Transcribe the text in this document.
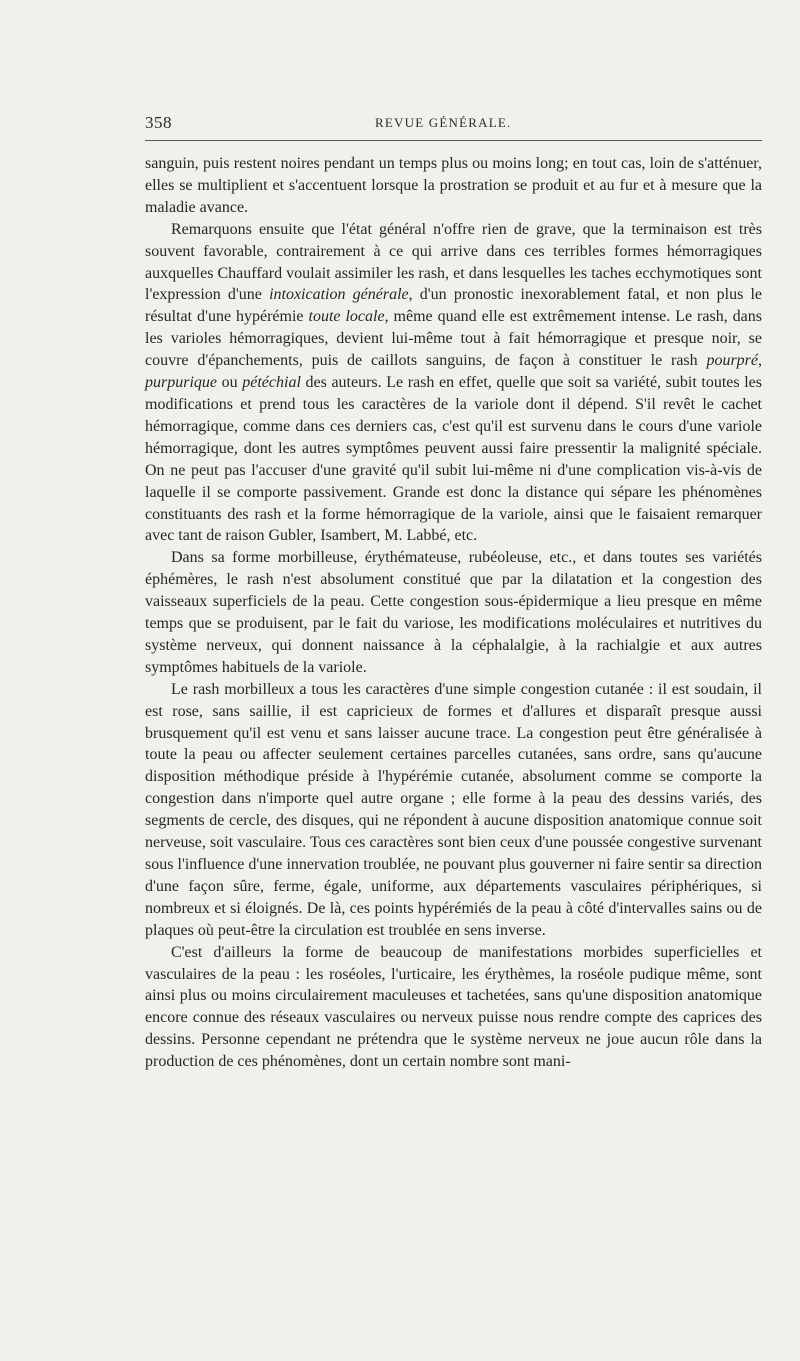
358	REVUE GÉNÉRALE.

sanguin, puis restent noires pendant un temps plus ou moins long; en tout cas, loin de s'atténuer, elles se multiplient et s'accentuent lorsque la prostration se produit et au fur et à mesure que la maladie avance.

Remarquons ensuite que l'état général n'offre rien de grave, que la terminaison est très souvent favorable, contrairement à ce qui arrive dans ces terribles formes hémorragiques auxquelles Chauffard voulait assimiler les rash, et dans lesquelles les taches ecchymotiques sont l'expression d'une intoxication générale, d'un pronostic inexorablement fatal, et non plus le résultat d'une hypérémie toute locale, même quand elle est extrêmement intense. Le rash, dans les varioles hémorragiques, devient lui-même tout à fait hémorragique et presque noir, se couvre d'épanchements, puis de caillots sanguins, de façon à constituer le rash pourpré, purpurique ou pétéchial des auteurs. Le rash en effet, quelle que soit sa variété, subit toutes les modifications et prend tous les caractères de la variole dont il dépend. S'il revêt le cachet hémorragique, comme dans ces derniers cas, c'est qu'il est survenu dans le cours d'une variole hémorragique, dont les autres symptômes peuvent aussi faire pressentir la malignité spéciale. On ne peut pas l'accuser d'une gravité qu'il subit lui-même ni d'une complication vis-à-vis de laquelle il se comporte passivement. Grande est donc la distance qui sépare les phénomènes constituants des rash et la forme hémorragique de la variole, ainsi que le faisaient remarquer avec tant de raison Gubler, Isambert, M. Labbé, etc.

Dans sa forme morbilleuse, érythémateuse, rubéoleuse, etc., et dans toutes ses variétés éphémères, le rash n'est absolument constitué que par la dilatation et la congestion des vaisseaux superficiels de la peau. Cette congestion sous-épidermique a lieu presque en même temps que se produisent, par le fait du variose, les modifications moléculaires et nutritives du système nerveux, qui donnent naissance à la céphalalgie, à la rachialgie et aux autres symptômes habituels de la variole.

Le rash morbilleux a tous les caractères d'une simple congestion cutanée : il est soudain, il est rose, sans saillie, il est capricieux de formes et d'allures et disparaît presque aussi brusquement qu'il est venu et sans laisser aucune trace. La congestion peut être généralisée à toute la peau ou affecter seulement certaines parcelles cutanées, sans ordre, sans qu'aucune disposition méthodique préside à l'hypérémie cutanée, absolument comme se comporte la congestion dans n'importe quel autre organe ; elle forme à la peau des dessins variés, des segments de cercle, des disques, qui ne répondent à aucune disposition anatomique connue soit nerveuse, soit vasculaire. Tous ces caractères sont bien ceux d'une poussée congestive survenant sous l'influence d'une innervation troublée, ne pouvant plus gouverner ni faire sentir sa direction d'une façon sûre, ferme, égale, uniforme, aux départements vasculaires périphériques, si nombreux et si éloignés. De là, ces points hypérémiés de la peau à côté d'intervalles sains ou de plaques où peut-être la circulation est troublée en sens inverse.

C'est d'ailleurs la forme de beaucoup de manifestations morbides superficielles et vasculaires de la peau : les roséoles, l'urticaire, les érythèmes, la roséole pudique même, sont ainsi plus ou moins circulairement maculeuses et tachetées, sans qu'une disposition anatomique encore connue des réseaux vasculaires ou nerveux puisse nous rendre compte des caprices des dessins. Personne cependant ne prétendra que le système nerveux ne joue aucun rôle dans la production de ces phénomènes, dont un certain nombre sont mani-
